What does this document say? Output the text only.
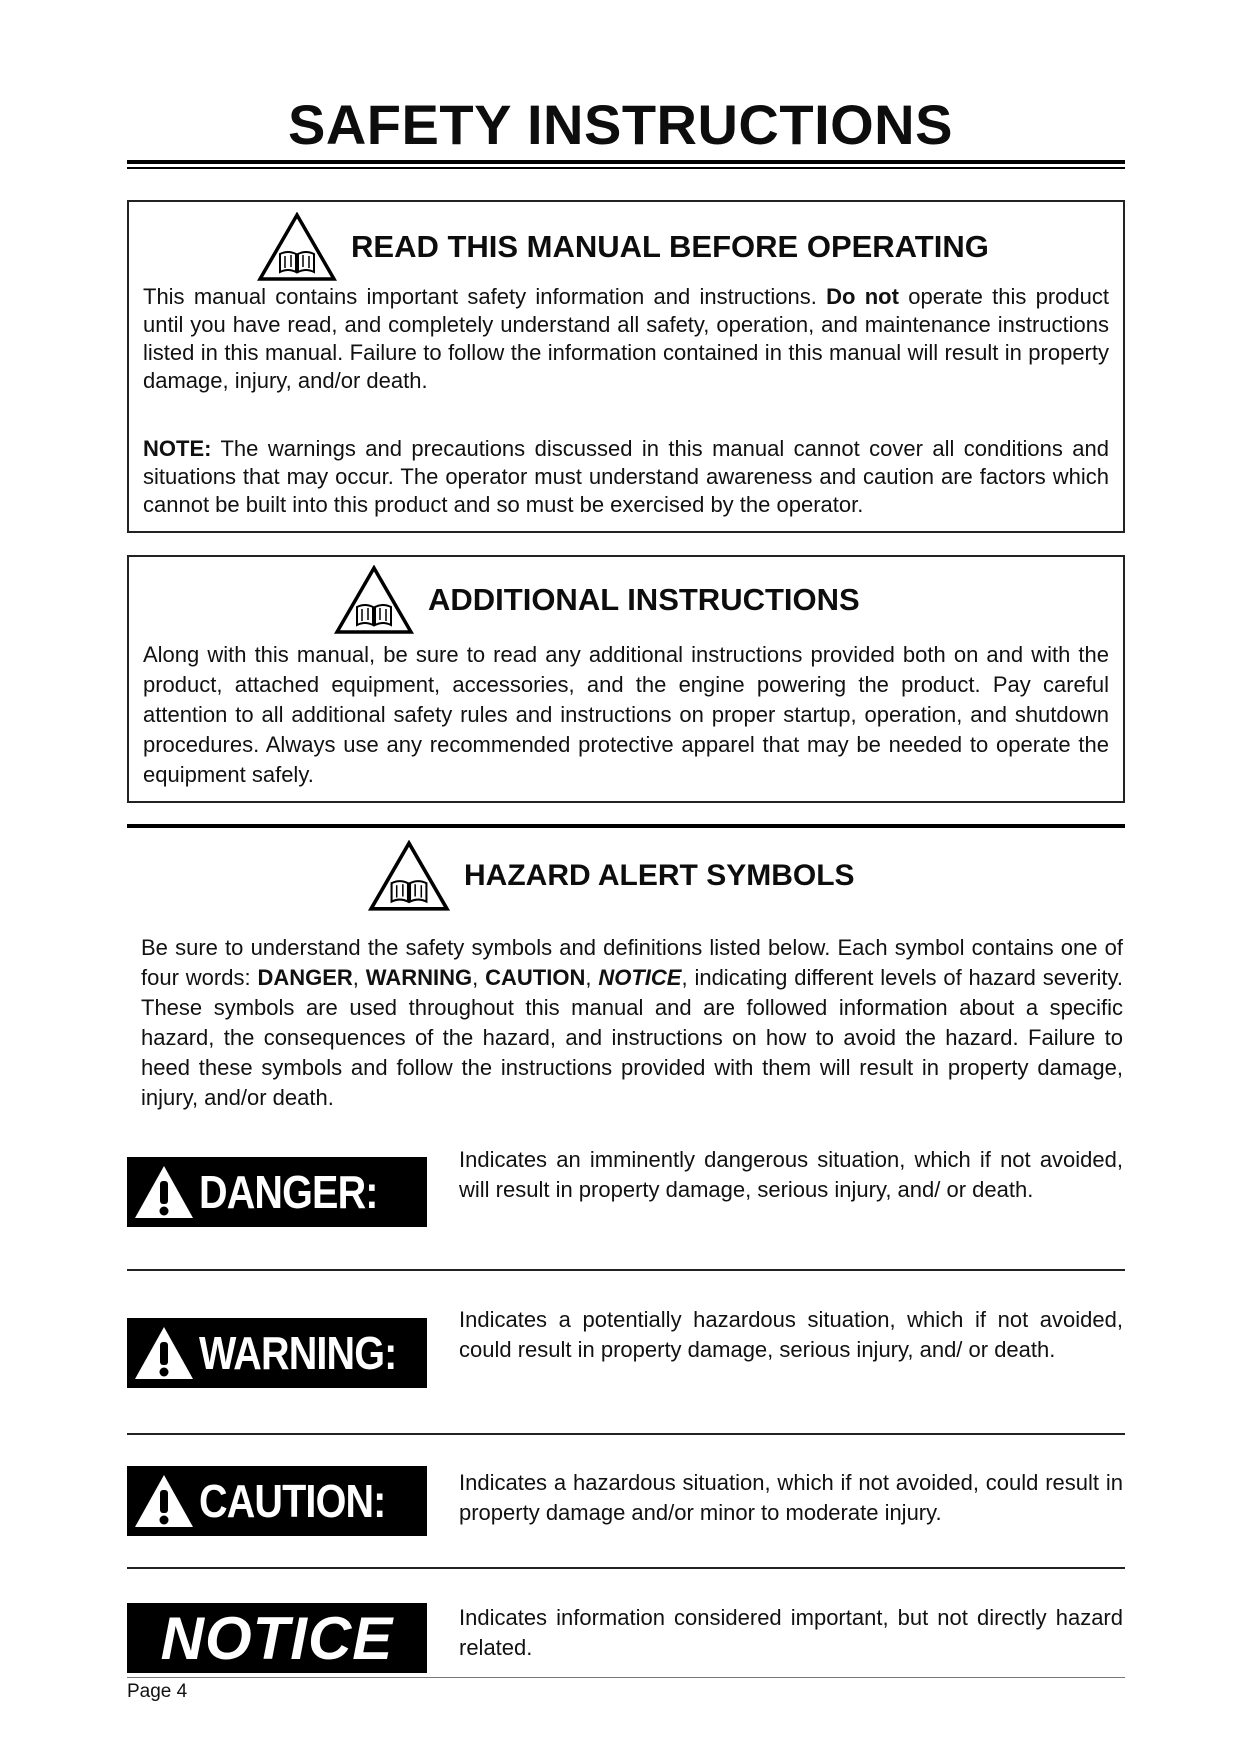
SAFETY INSTRUCTIONS
READ THIS MANUAL BEFORE OPERATING
This manual contains important safety information and instructions. Do not operate this product until you have read, and completely understand all safety, operation, and maintenance instructions listed in this manual. Failure to follow the information contained in this manual will result in property damage, injury, and/or death.
NOTE: The warnings and precautions discussed in this manual cannot cover all conditions and situations that may occur. The operator must understand awareness and caution are factors which cannot be built into this product and so must be exercised by the operator.
ADDITIONAL INSTRUCTIONS
Along with this manual, be sure to read any additional instructions provided both on and with the product, attached equipment, accessories, and the engine powering the product. Pay careful attention to all additional safety rules and instructions on proper startup, operation, and shutdown procedures. Always use any recommended protective apparel that may be needed to operate the equipment safely.
HAZARD ALERT SYMBOLS
Be sure to understand the safety symbols and definitions listed below. Each symbol contains one of four words: DANGER, WARNING, CAUTION, NOTICE, indicating different levels of hazard severity. These symbols are used throughout this manual and are followed information about a specific hazard, the consequences of the hazard, and instructions on how to avoid the hazard. Failure to heed these symbols and follow the instructions provided with them will result in property damage, injury, and/or death.
DANGER:
Indicates an imminently dangerous situation, which if not avoided, will result in property damage, serious injury, and/ or death.
WARNING:
Indicates a potentially hazardous situation, which if not avoided, could result in property damage, serious injury, and/ or death.
CAUTION:	Indicates a hazardous situation, which if not avoided, could result in property damage and/or minor to moderate injury.
NOTICE	Indicates information considered important, but not directly hazard related.
Page 4
